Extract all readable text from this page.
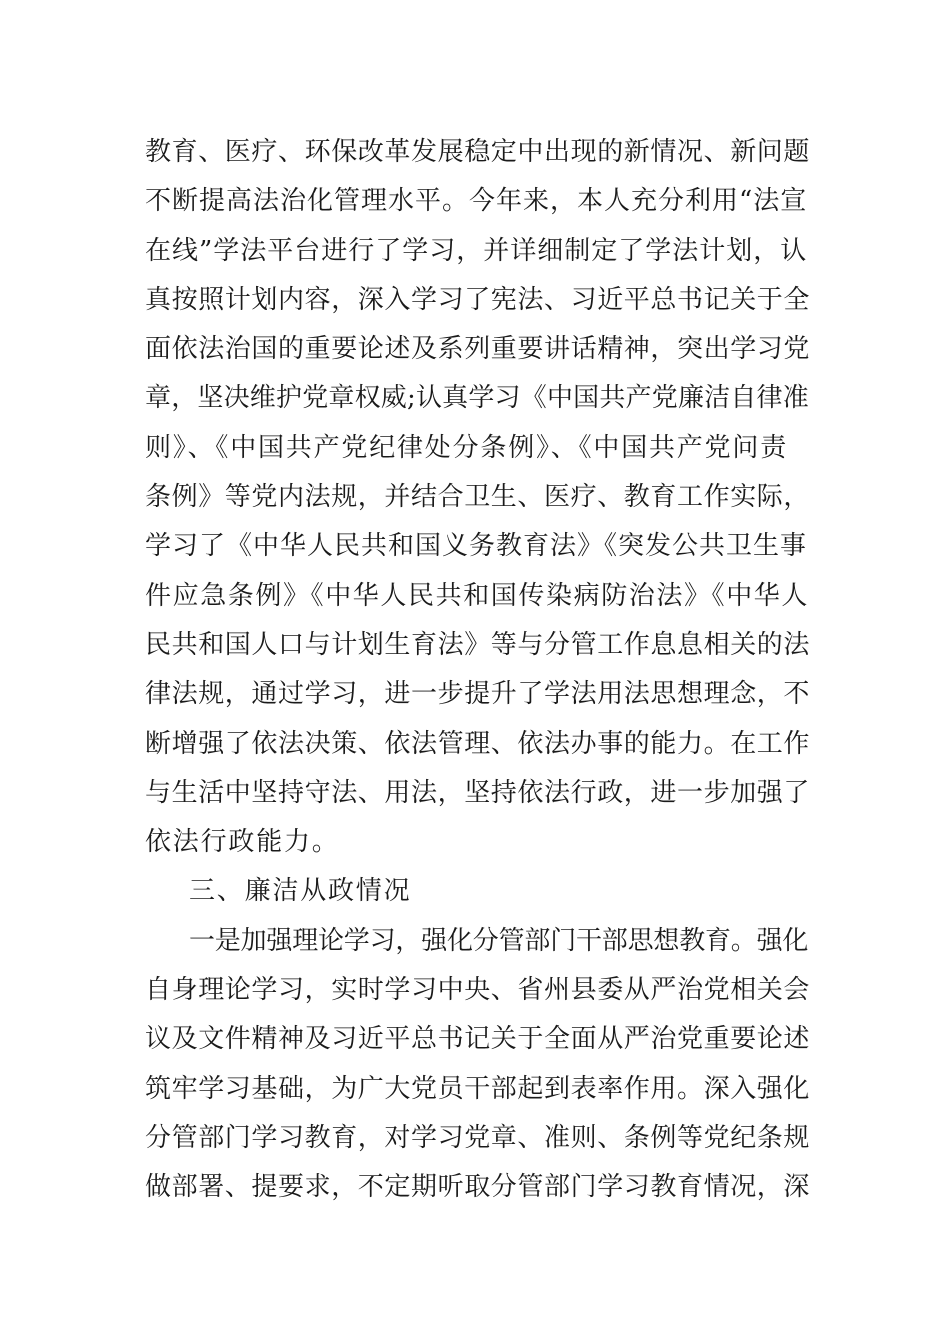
教育、医疗、环保改革发展稳定中出现的新情况、新问题
不断提高法治化管理水平。今年来，本人充分利用“法宣
在线”学法平台进行了学习，并详细制定了学法计划，认
真按照计划内容，深入学习了宪法、习近平总书记关于全
面依法治国的重要论述及系列重要讲话精神，突出学习党
章，坚决维护党章权威;认真学习《中国共产党廉洁自律准
则》、《中国共产党纪律处分条例》、《中国共产党问责
条例》等党内法规，并结合卫生、医疗、教育工作实际，
学习了《中华人民共和国义务教育法》《突发公共卫生事
件应急条例》《中华人民共和国传染病防治法》《中华人
民共和国人口与计划生育法》等与分管工作息息相关的法
律法规，通过学习，进一步提升了学法用法思想理念，不
断增强了依法决策、依法管理、依法办事的能力。在工作
与生活中坚持守法、用法，坚持依法行政，进一步加强了
依法行政能力。
三、廉洁从政情况
一是加强理论学习，强化分管部门干部思想教育。强化
自身理论学习，实时学习中央、省州县委从严治党相关会
议及文件精神及习近平总书记关于全面从严治党重要论述
筑牢学习基础，为广大党员干部起到表率作用。深入强化
分管部门学习教育，对学习党章、准则、条例等党纪条规
做部署、提要求，不定期听取分管部门学习教育情况，深
